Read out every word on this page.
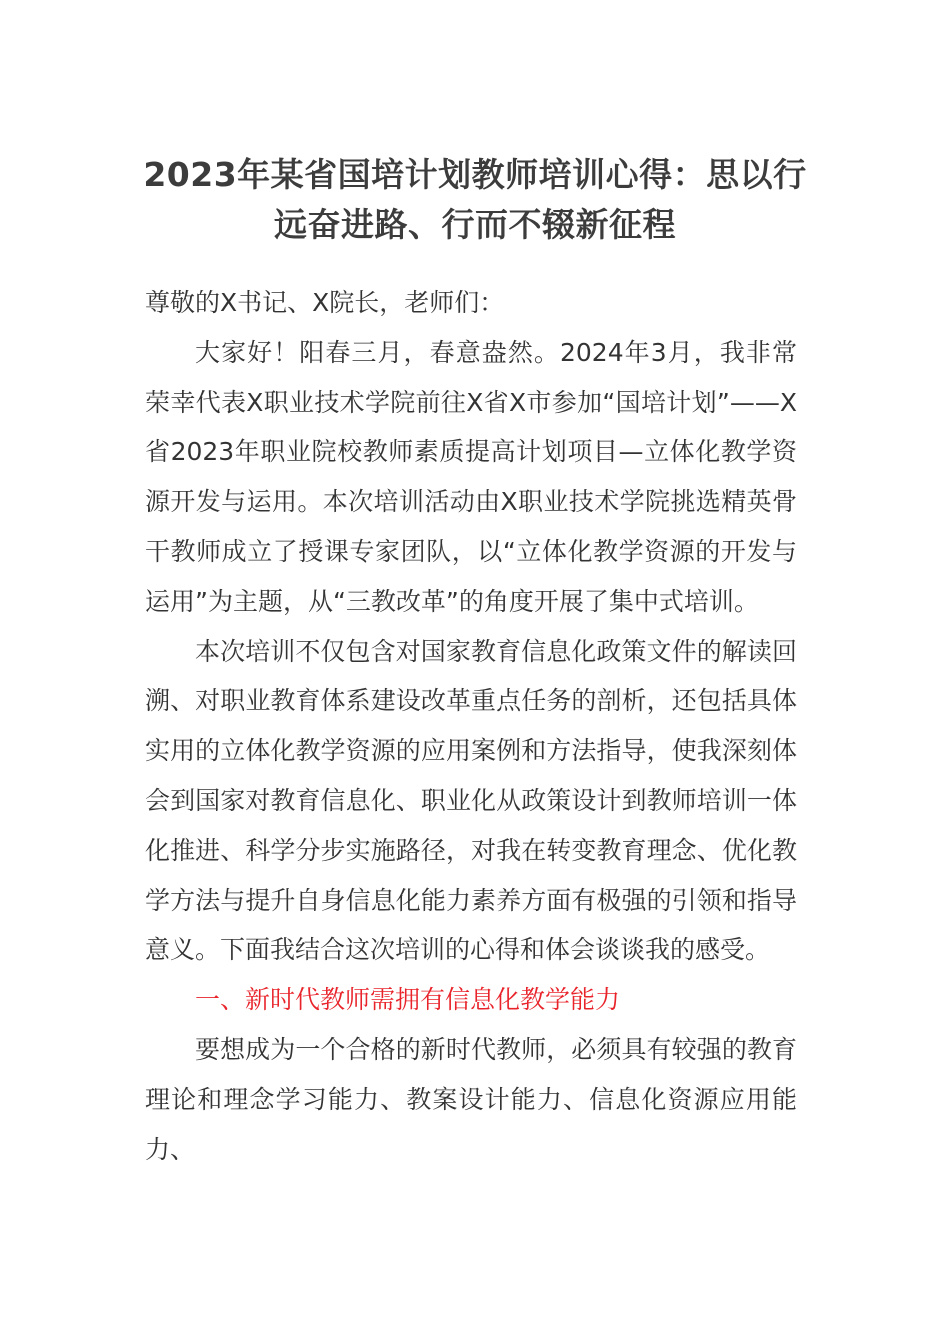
2023年某省国培计划教师培训心得：思以行远奋进路、行而不辍新征程

尊敬的X书记、X院长，老师们：

大家好！阳春三月，春意盎然。2024年3月，我非常荣幸代表X职业技术学院前往X省X市参加“国培计划”——X省2023年职业院校教师素质提高计划项目—立体化教学资源开发与运用。本次培训活动由X职业技术学院挑选精英骨干教师成立了授课专家团队，以“立体化教学资源的开发与运用”为主题，从“三教改革”的角度开展了集中式培训。

本次培训不仅包含对国家教育信息化政策文件的解读回溯、对职业教育体系建设改革重点任务的剖析，还包括具体实用的立体化教学资源的应用案例和方法指导，使我深刻体会到国家对教育信息化、职业化从政策设计到教师培训一体化推进、科学分步实施路径，对我在转变教育理念、优化教学方法与提升自身信息化能力素养方面有极强的引领和指导意义。下面我结合这次培训的心得和体会谈谈我的感受。

一、新时代教师需拥有信息化教学能力

要想成为一个合格的新时代教师，必须具有较强的教育理论和理念学习能力、教案设计能力、信息化资源应用能力、
